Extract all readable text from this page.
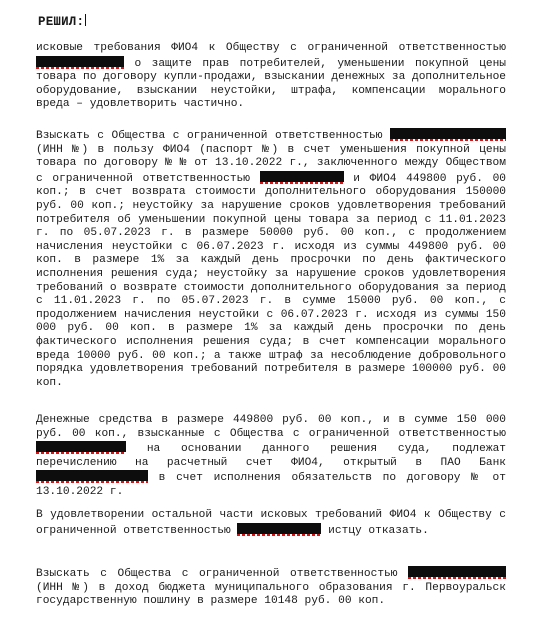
РЕШИЛ:
исковые требования ФИО4 к Обществу с ограниченной ответственностью  о защите прав потребителей, уменьшении покупной цены товара по договору купли-продажи, взыскании денежных за дополнительное оборудование, взыскании неустойки, штрафа, компенсации морального вреда – удовлетворить частично.
Взыскать с Общества с ограниченной ответственностью  (ИНН №) в пользу ФИО4 (паспорт №) в счет уменьшения покупной цены товара по договору № № от 13.10.2022 г., заключенного между Обществом с ограниченной ответственностью	и ФИО4 449800 руб. 00 коп.; в счет возврата стоимости дополнительного оборудования 150000 руб. 00 коп.; неустойку за нарушение сроков удовлетворения требований потребителя об уменьшении покупной цены товара за период с 11.01.2023 г. по 05.07.2023 г. в размере 50000 руб. 00 коп., с продолжением начисления неустойки с 06.07.2023 г. исходя из суммы 449800 руб. 00 коп. в размере 1% за каждый день просрочки по день фактического исполнения решения суда; неустойку за нарушение сроков удовлетворения требований о возврате стоимости дополнительного оборудования за период с 11.01.2023 г. по 05.07.2023 г. в сумме 15000 руб. 00 коп., с продолжением начисления неустойки с 06.07.2023 г. исходя из суммы 150 000 руб. 00 коп. в размере 1% за каждый день просрочки по день фактического исполнения решения суда; в счет компенсации морального вреда 10000 руб. 00 коп.; а также штраф за несоблюдение добровольного порядка удовлетворения требований потребителя в размере 100000 руб. 00 коп.
Денежные средства в размере 449800 руб. 00 коп., и в сумме 150 000 руб. 00 коп., взысканные с Общества с ограниченной ответственностью  на основании данного решения суда, подлежат перечислению на расчетный счет ФИО4, открытый в ПАО Банк  в счет исполнения обязательств по договору № от 13.10.2022 г.
В удовлетворении остальной части исковых требований ФИО4 к Обществу с ограниченной ответственностью	истцу отказать.
Взыскать с Общества с ограниченной ответственностью  (ИНН №) в доход бюджета муниципального образования г. Первоуральск государственную пошлину в размере 10148 руб. 00 коп.
